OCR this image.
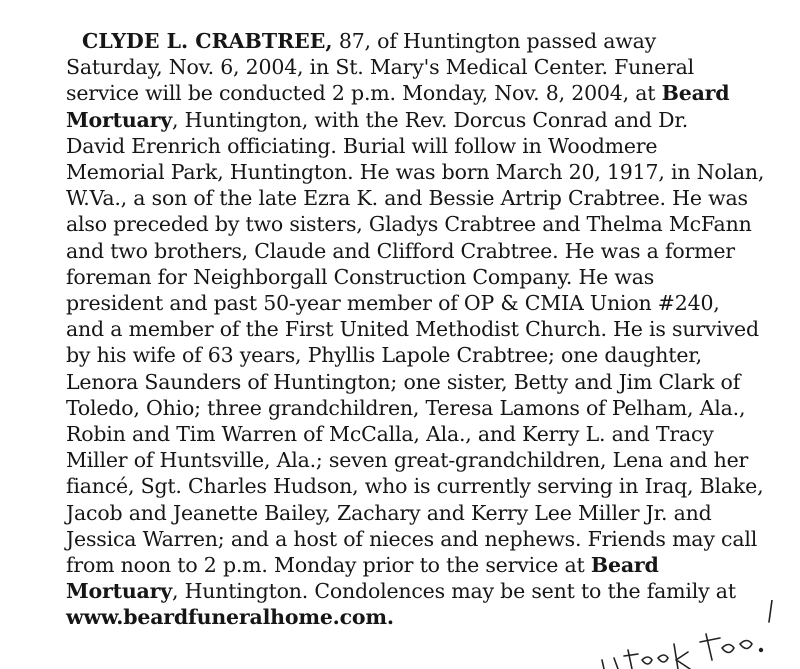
CLYDE L. CRABTREE, 87, of Huntington passed away
Saturday, Nov. 6, 2004, in St. Mary's Medical Center. Funeral
service will be conducted 2 p.m. Monday, Nov. 8, 2004, at Beard
Mortuary, Huntington, with the Rev. Dorcus Conrad and Dr.
David Erenrich officiating. Burial will follow in Woodmere
Memorial Park, Huntington. He was born March 20, 1917, in Nolan,
W.Va., a son of the late Ezra K. and Bessie Artrip Crabtree. He was
also preceded by two sisters, Gladys Crabtree and Thelma McFann
and two brothers, Claude and Clifford Crabtree. He was a former
foreman for Neighborgall Construction Company. He was
president and past 50-year member of OP & CMIA Union #240,
and a member of the First United Methodist Church. He is survived
by his wife of 63 years, Phyllis Lapole Crabtree; one daughter,
Lenora Saunders of Huntington; one sister, Betty and Jim Clark of
Toledo, Ohio; three grandchildren, Teresa Lamons of Pelham, Ala.,
Robin and Tim Warren of McCalla, Ala., and Kerry L. and Tracy
Miller of Huntsville, Ala.; seven great-grandchildren, Lena and her
fiancé, Sgt. Charles Hudson, who is currently serving in Iraq, Blake,
Jacob and Jeanette Bailey, Zachary and Kerry Lee Miller Jr. and
Jessica Warren; and a host of nieces and nephews. Friends may call
from noon to 2 p.m. Monday prior to the service at Beard
Mortuary, Huntington. Condolences may be sent to the family at
www.beardfuneralhome.com.
